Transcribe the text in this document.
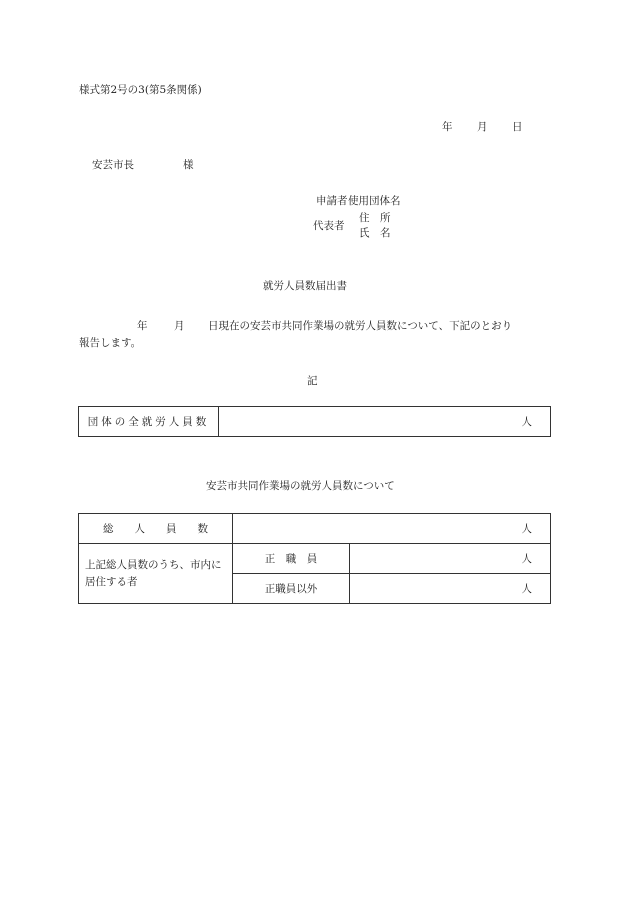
様式第2号の3(第5条関係)
年 月 日
安芸市長	様
申請者 使用団体名
代表者
住　所
氏　名
就労人員数届出書
年	月 日現在の安芸市共同作業場の就労人員数について、下記のとおり
報告します。
記
団体の全就労人員数	人
安芸市共同作業場の就労人員数について
総　　人　　員　　数	人	
上記総人員数のうち、市内に居住する者	正　職　員	人
	正職員以外	人
